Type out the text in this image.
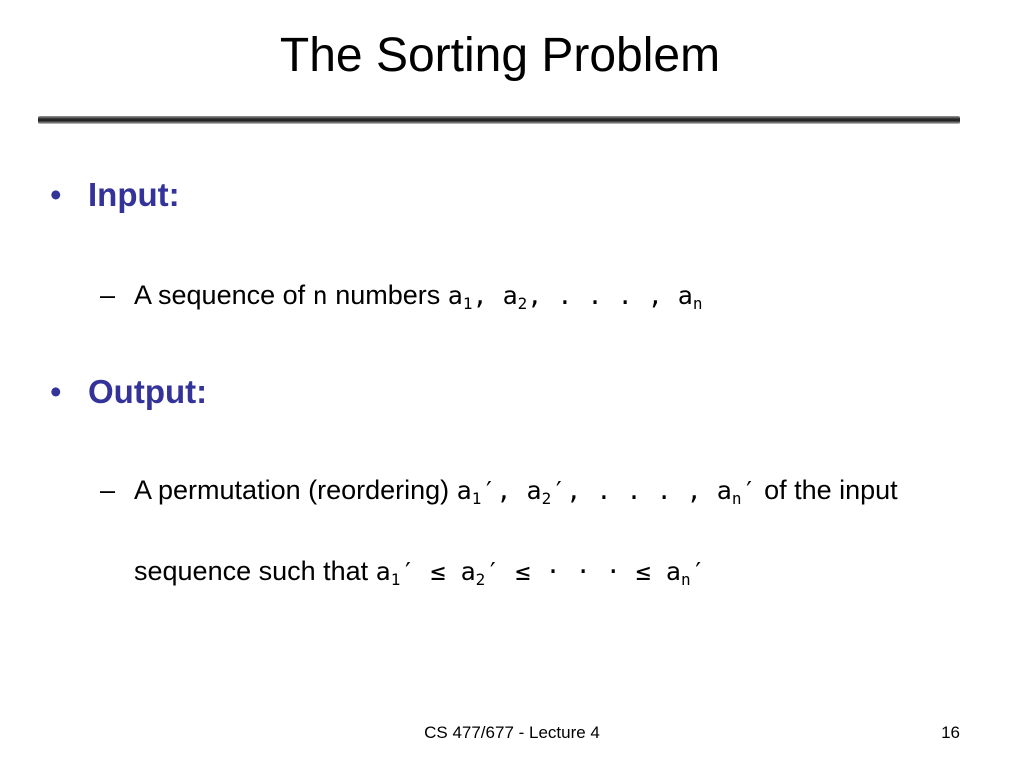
The Sorting Problem
• Input:
– A sequence of n numbers $a_1$, $a_2$, . . . , $a_n$
• Output:
– A permutation (reordering) $a_1'$, $a_2'$, . . . , $a_n'$ of the input
sequence such that $a_1' \le a_2'$ ≤ · · · ≤ $a_n'$
CS 477/677 - Lecture 4	16
